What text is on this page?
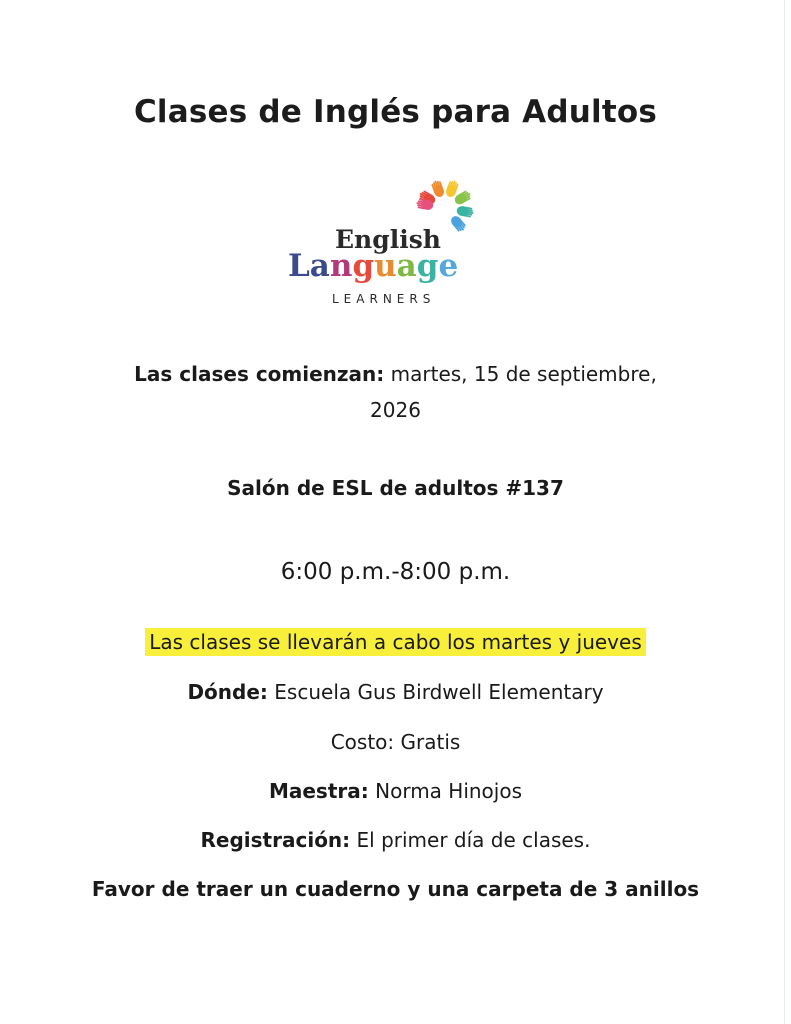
Clases de Inglés para Adultos
English
Language
LEARNERS
Las clases comienzan: martes, 15 de septiembre,
2026
Salón de ESL de adultos #137
6:00 p.m.-8:00 p.m.
Las clases se llevarán a cabo los martes y jueves
Dónde: Escuela Gus Birdwell Elementary
Costo: Gratis
Maestra: Norma Hinojos
Registración: El primer día de clases.
Favor de traer un cuaderno y una carpeta de 3 anillos
